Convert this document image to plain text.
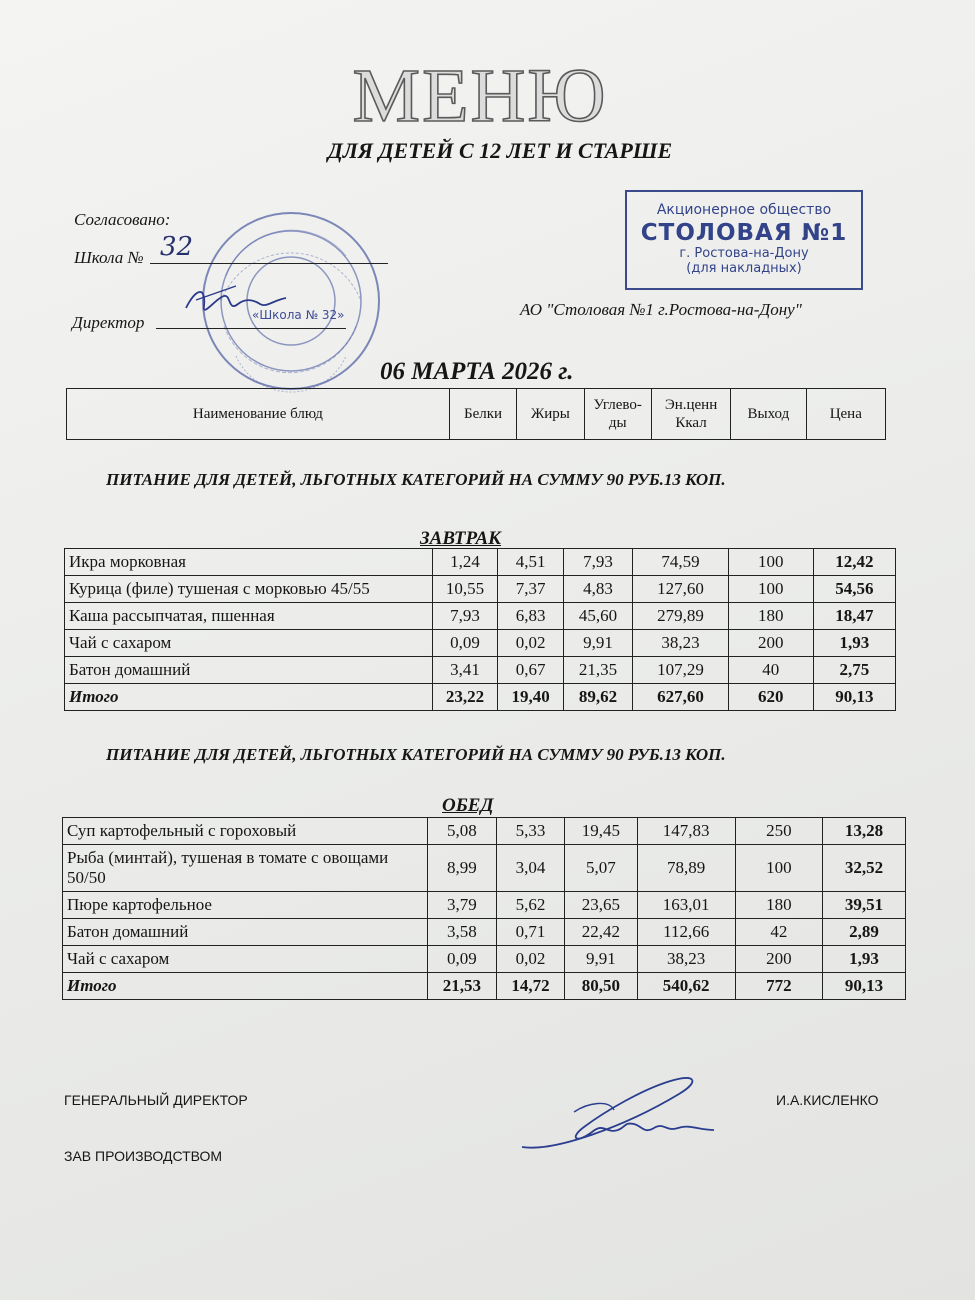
МЕНЮ
ДЛЯ ДЕТЕЙ С 12 ЛЕТ И СТАРШЕ
«Школа № 32»
Согласовано:
Школа № 32
Директор
Акционерное общество
СТОЛОВАЯ №1
г. Ростова-на-Дону
(для накладных)
АО "Столовая №1 г.Ростова-на-Дону"
06 МАРТА 2026 г.
Наименование блюд	Белки	Жиры	Углево-ды	Эн.ценн Ккал	Выход	Цена
ПИТАНИЕ ДЛЯ ДЕТЕЙ, ЛЬГОТНЫХ КАТЕГОРИЙ НА СУММУ 90 РУБ.13 КОП.
ЗАВТРАК
Икра морковная	1,24	4,51	7,93	74,59	100	12,42
Курица (филе) тушеная с морковью 45/55	10,55	7,37	4,83	127,60	100	54,56
Каша рассыпчатая, пшенная	7,93	6,83	45,60	279,89	180	18,47
Чай с сахаром	0,09	0,02	9,91	38,23	200	1,93
Батон домашний	3,41	0,67	21,35	107,29	40	2,75
Итого	23,22	19,40	89,62	627,60	620	90,13
ПИТАНИЕ ДЛЯ ДЕТЕЙ, ЛЬГОТНЫХ КАТЕГОРИЙ НА СУММУ 90 РУБ.13 КОП.
ОБЕД
Суп картофельный с гороховый	5,08	5,33	19,45	147,83	250	13,28
Рыба (минтай), тушеная в томате с овощами 50/50	8,99	3,04	5,07	78,89	100	32,52
Пюре картофельное	3,79	5,62	23,65	163,01	180	39,51
Батон домашний	3,58	0,71	22,42	112,66	42	2,89
Чай с сахаром	0,09	0,02	9,91	38,23	200	1,93
Итого	21,53	14,72	80,50	540,62	772	90,13
ГЕНЕРАЛЬНЫЙ ДИРЕКТОР	И.А.КИСЛЕНКО
ЗАВ ПРОИЗВОДСТВОМ
